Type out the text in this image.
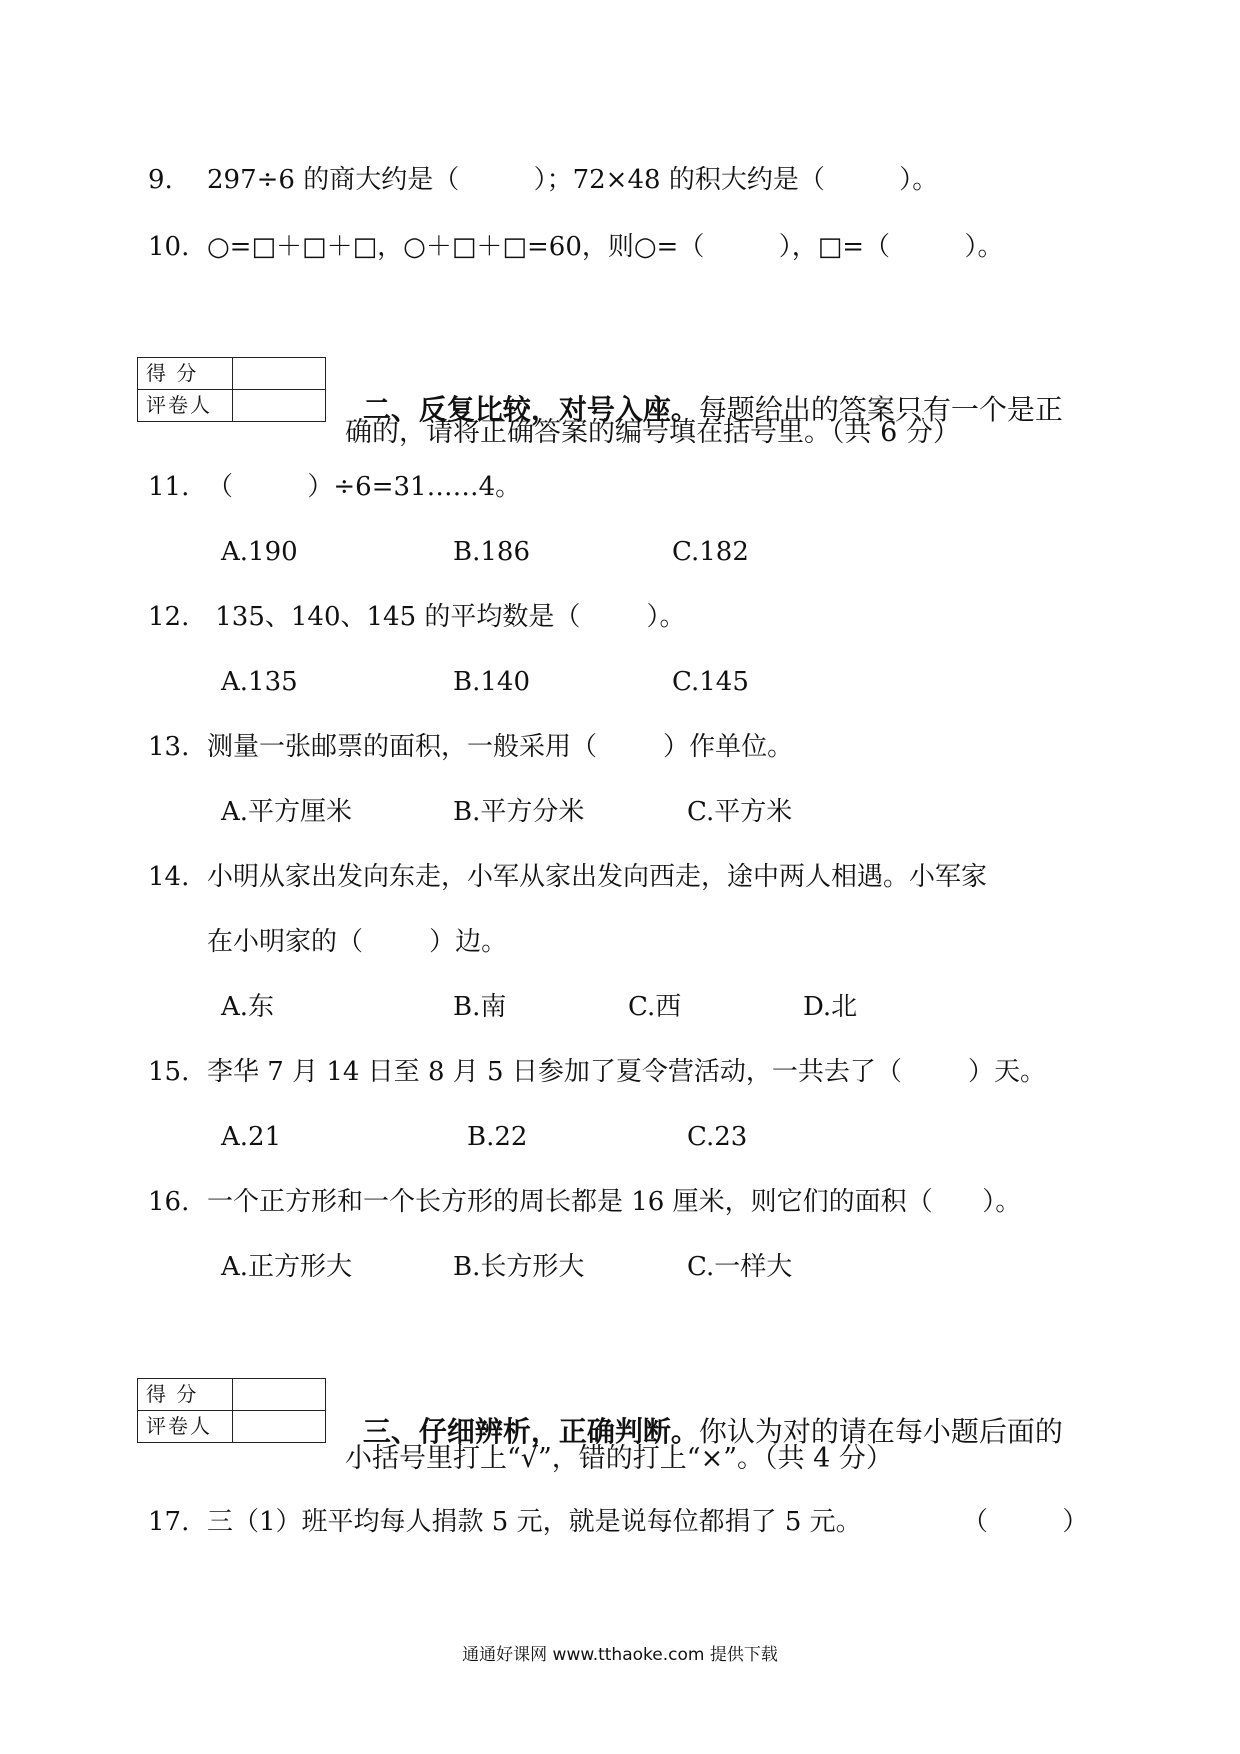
9. 297÷6 的商大约是（         ）；72×48 的积大约是（         ）。
10. ○=□＋□＋□，○＋□＋□=60，则○=（         ），□=（         ）。
得 分	
评卷人		二、反复比较，对号入座。每题给出的答案只有一个是正

确的，请将正确答案的编号填在括号里。（共 6 分）
11. （         ）÷6=31……4。
A.190	B.186	C.182
12. 135、140、145 的平均数是（        ）。
A.135	B.140	C.145
13. 测量一张邮票的面积，一般采用（        ）作单位。
A.平方厘米	B.平方分米	C.平方米
14. 小明从家出发向东走，小军从家出发向西走，途中两人相遇。小军家
在小明家的（        ）边。
A.东	B.南	C.西	D.北
15. 李华 7 月 14 日至 8 月 5 日参加了夏令营活动，一共去了（        ）天。
A.21	B.22	C.23
16. 一个正方形和一个长方形的周长都是 16 厘米，则它们的面积（      ）。
A.正方形大	B.长方形大	C.一样大
得 分	
评卷人		三、仔细辨析，正确判断。你认为对的请在每小题后面的

小括号里打上“√”，错的打上“×”。（共 4 分）
17. 三（1）班平均每人捐款 5 元，就是说每位都捐了 5 元。	（         ）
通通好课网 www.tthaoke.com 提供下载
